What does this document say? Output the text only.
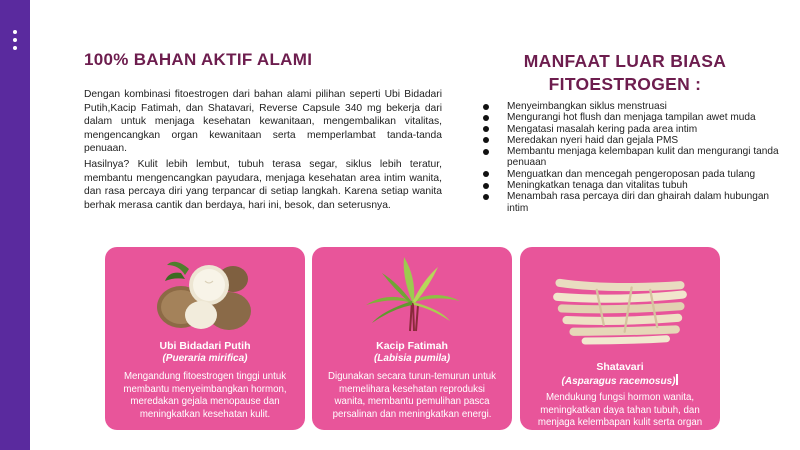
100% BAHAN AKTIF ALAMI

Dengan kombinasi fitoestrogen dari bahan alami pilihan seperti Ubi Bidadari Putih,Kacip Fatimah, dan Shatavari, Reverse Capsule 340 mg bekerja dari dalam untuk menjaga kesehatan kewanitaan, mengembalikan vitalitas, mengencangkan organ kewanitaan serta memperlambat tanda-tanda penuaan.

Hasilnya? Kulit lebih lembut, tubuh terasa segar, siklus lebih teratur, membantu mengencangkan payudara, menjaga kesehatan area intim wanita, dan rasa percaya diri yang terpancar di setiap langkah. Karena setiap wanita berhak merasa cantik dan berdaya, hari ini, besok, dan seterusnya.

MANFAAT LUAR BIASA
FITOESTROGEN :
Menyeimbangkan siklus menstruasi
Mengurangi hot flush dan menjaga tampilan awet muda
Mengatasi masalah kering pada area intim
Meredakan nyeri haid dan gejala PMS
Membantu menjaga kelembapan kulit dan mengurangi tanda penuaan
Menguatkan dan mencegah pengeroposan pada tulang
Meningkatkan tenaga dan vitalitas tubuh
Menambah rasa percaya diri dan ghairah dalam hubungan intim
Ubi Bidadari Putih
(Pueraria mirifica)
Mengandung fitoestrogen tinggi untuk membantu menyeimbangkan hormon, meredakan gejala menopause dan meningkatkan kesehatan kulit.
Kacip Fatimah
(Labisia pumila)
Digunakan secara turun-temurun untuk memelihara kesehatan reproduksi wanita, membantu pemulihan pasca persalinan dan meningkatkan energi.
Shatavari
(Asparagus racemosus)
Mendukung fungsi hormon wanita, meningkatkan daya tahan tubuh, dan menjaga kelembapan kulit serta organ kewanitaan.
